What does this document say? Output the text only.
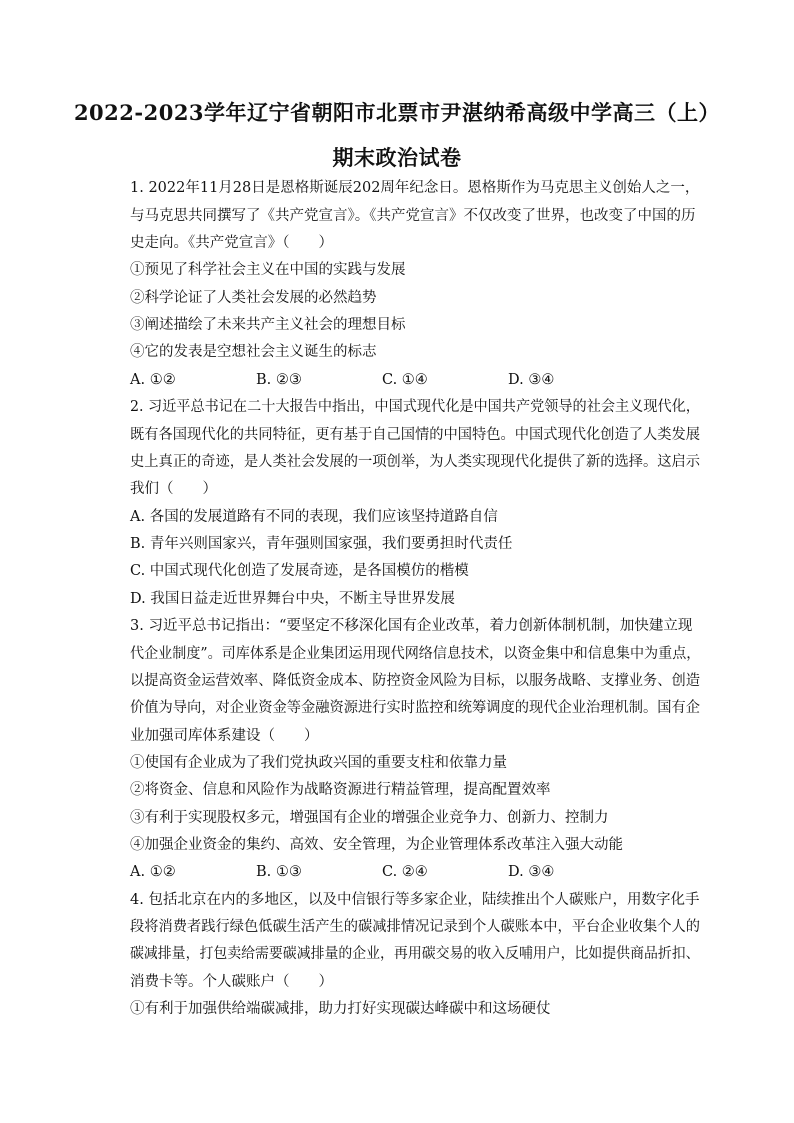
2022-2023学年辽宁省朝阳市北票市尹湛纳希高级中学高三（上）
期末政治试卷
1. 2022年11月28日是恩格斯诞辰202周年纪念日。恩格斯作为马克思主义创始人之一，
与马克思共同撰写了《共产党宣言》。《共产党宣言》不仅改变了世界，也改变了中国的历
史走向。《共产党宣言》（　　）
①预见了科学社会主义在中国的实践与发展
②科学论证了人类社会发展的必然趋势
③阐述描绘了未来共产主义社会的理想目标
④它的发表是空想社会主义诞生的标志
A. ①②	B. ②③	C. ①④	D. ③④
2. 习近平总书记在二十大报告中指出，中国式现代化是中国共产党领导的社会主义现代化，
既有各国现代化的共同特征，更有基于自己国情的中国特色。中国式现代化创造了人类发展
史上真正的奇迹，是人类社会发展的一项创举，为人类实现现代化提供了新的选择。这启示
我们（　　）
A. 各国的发展道路有不同的表现，我们应该坚持道路自信
B. 青年兴则国家兴，青年强则国家强，我们要勇担时代责任
C. 中国式现代化创造了发展奇迹，是各国模仿的楷模
D. 我国日益走近世界舞台中央，不断主导世界发展
3. 习近平总书记指出：“要坚定不移深化国有企业改革，着力创新体制机制，加快建立现
代企业制度”。司库体系是企业集团运用现代网络信息技术，以资金集中和信息集中为重点，
以提高资金运营效率、降低资金成本、防控资金风险为目标，以服务战略、支撑业务、创造
价值为导向，对企业资金等金融资源进行实时监控和统筹调度的现代企业治理机制。国有企
业加强司库体系建设（　　）
①使国有企业成为了我们党执政兴国的重要支柱和依靠力量
②将资金、信息和风险作为战略资源进行精益管理，提高配置效率
③有利于实现股权多元，增强国有企业的增强企业竞争力、创新力、控制力
④加强企业资金的集约、高效、安全管理，为企业管理体系改革注入强大动能
A. ①②	B. ①③	C. ②④	D. ③④
4. 包括北京在内的多地区，以及中信银行等多家企业，陆续推出个人碳账户，用数字化手
段将消费者践行绿色低碳生活产生的碳减排情况记录到个人碳账本中，平台企业收集个人的
碳减排量，打包卖给需要碳减排量的企业，再用碳交易的收入反哺用户，比如提供商品折扣、
消费卡等。个人碳账户（　　）
①有利于加强供给端碳减排，助力打好实现碳达峰碳中和这场硬仗
